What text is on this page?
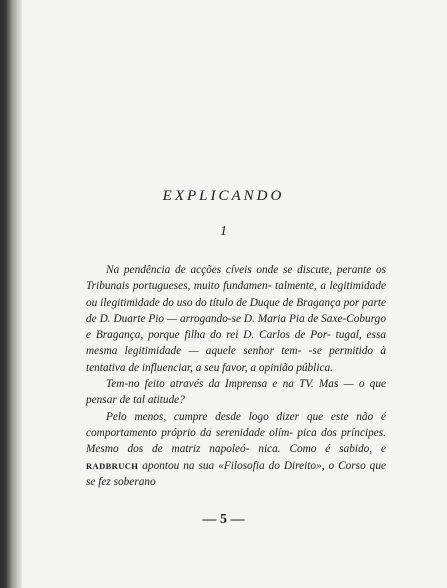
EXPLICANDO
1

Na pendência de acções cíveis onde se discute, perante os Tribunais portugueses, muito fundamen- talmente, a legitimidade ou ilegitimidade do uso do título de Duque de Bragança por parte de D. Duarte Pio — arrogando-se D. Maria Pia de Saxe-Coburgo e Bragança, porque filha do rei D. Carlos de Por- tugal, essa mesma legitimidade — aquele senhor tem- -se permitido à tentativa de influenciar, a seu favor, a opinião pública.

Tem-no feito através da Imprensa e na TV. Mas — o que pensar de tal atitude?

Pelo menos, cumpre desde logo dizer que este não é comportamento próprio da serenidade olím- pica dos príncipes. Mesmo dos de matriz napoleó- nica. Como é sabido, e RADBRUCH apontou na sua «Filosofia do Direito», o Corso que se fez soberano

— 5 —
